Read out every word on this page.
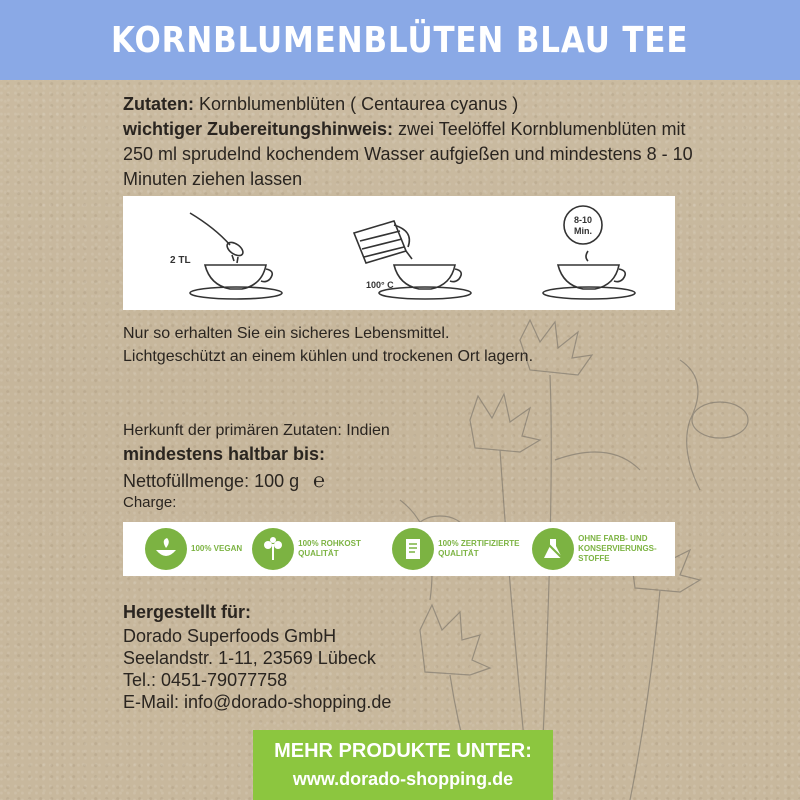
KORNBLUMENBLÜTEN BLAU TEE
Zutaten: Kornblumenblüten ( Centaurea cyanus )
wichtiger Zubereitungshinweis: zwei Teelöffel Kornblumenblüten mit 250 ml sprudelnd kochendem Wasser aufgießen und mindestens 8 - 10 Minuten ziehen lassen
2 TL
100° C
8-10
Min.
Nur so erhalten Sie ein sicheres Lebensmittel.
Lichtgeschützt an einem kühlen und trockenen Ort lagern.
Herkunft der primären Zutaten: Indien
mindestens haltbar bis:
Nettofüllmenge: 100 g ℮
Charge:
100% VEGAN
100% ROHKOST QUALITÄT
100% ZERTIFIZIERTE QUALITÄT
OHNE FARB- UND KONSERVIERUNGS-STOFFE
Hergestellt für:
Dorado Superfoods GmbH
Seelandstr. 1-11, 23569 Lübeck
Tel.: 0451-79077758
E-Mail: info@dorado-shopping.de
MEHR PRODUKTE UNTER:
www.dorado-shopping.de
